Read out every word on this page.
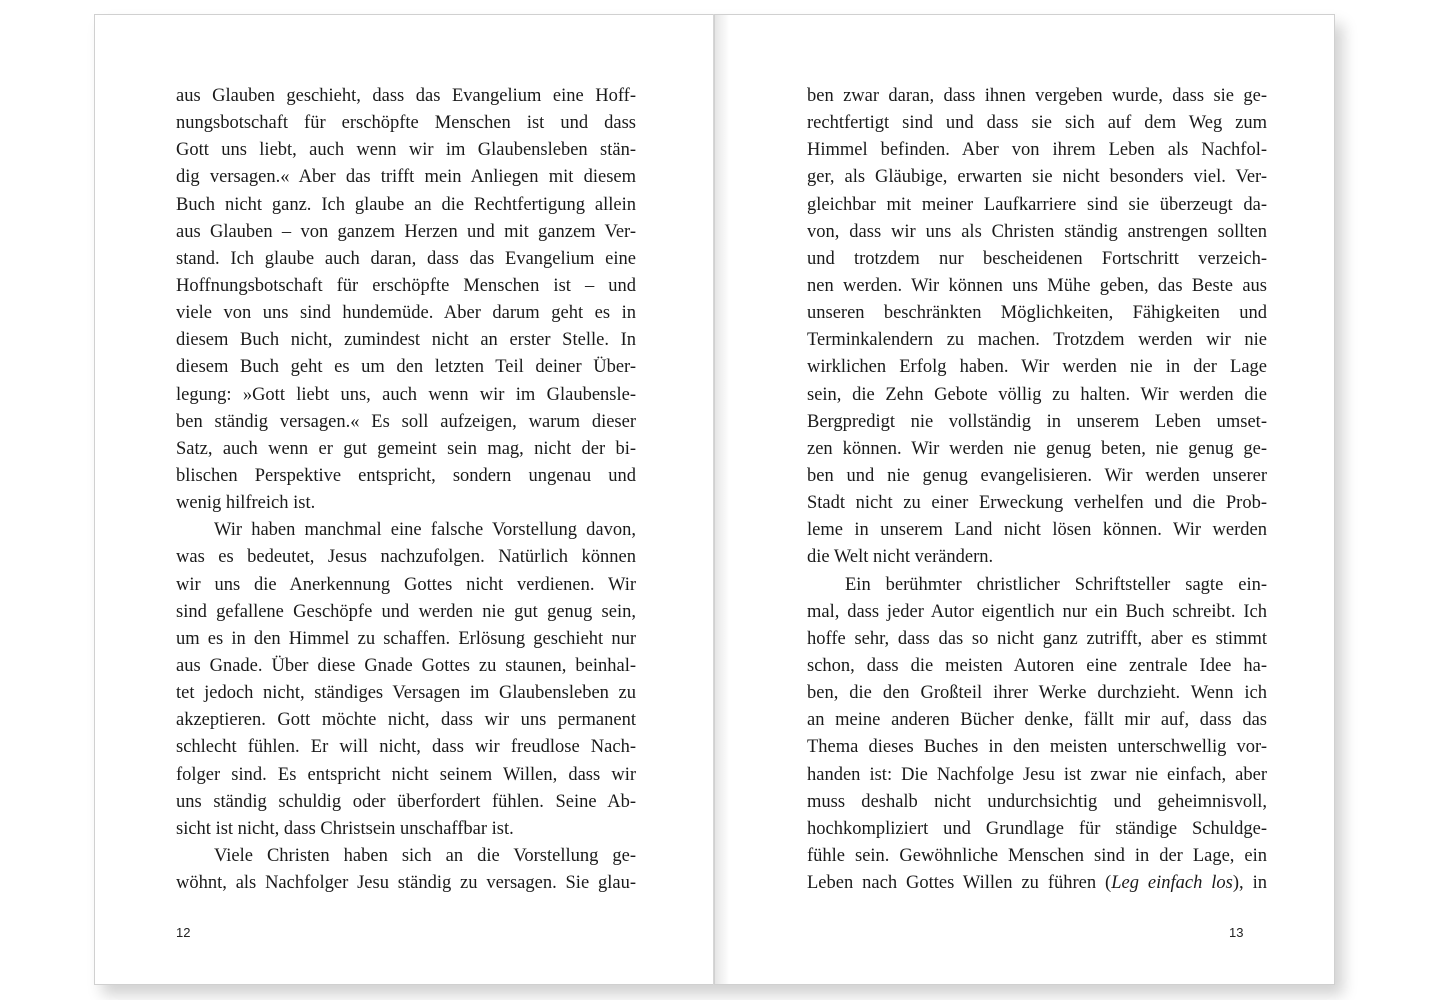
aus Glauben geschieht, dass das Evangelium eine Hoff-
nungsbotschaft für erschöpfte Menschen ist und dass
Gott uns liebt, auch wenn wir im Glaubensleben stän-
dig versagen.« Aber das trifft mein Anliegen mit diesem
Buch nicht ganz. Ich glaube an die Rechtfertigung allein
aus Glauben – von ganzem Herzen und mit ganzem Ver-
stand. Ich glaube auch daran, dass das Evangelium eine
Hoffnungsbotschaft für erschöpfte Menschen ist – und
viele von uns sind hundemüde. Aber darum geht es in
diesem Buch nicht, zumindest nicht an erster Stelle. In
diesem Buch geht es um den letzten Teil deiner Über-
legung: »Gott liebt uns, auch wenn wir im Glaubensle-
ben ständig versagen.« Es soll aufzeigen, warum dieser
Satz, auch wenn er gut gemeint sein mag, nicht der bi-
blischen Perspektive entspricht, sondern ungenau und
wenig hilfreich ist.
Wir haben manchmal eine falsche Vorstellung davon,
was es bedeutet, Jesus nachzufolgen. Natürlich können
wir uns die Anerkennung Gottes nicht verdienen. Wir
sind gefallene Geschöpfe und werden nie gut genug sein,
um es in den Himmel zu schaffen. Erlösung geschieht nur
aus Gnade. Über diese Gnade Gottes zu staunen, beinhal-
tet jedoch nicht, ständiges Versagen im Glaubensleben zu
akzeptieren. Gott möchte nicht, dass wir uns permanent
schlecht fühlen. Er will nicht, dass wir freudlose Nach-
folger sind. Es entspricht nicht seinem Willen, dass wir
uns ständig schuldig oder überfordert fühlen. Seine Ab-
sicht ist nicht, dass Christsein unschaffbar ist.
Viele Christen haben sich an die Vorstellung ge-
wöhnt, als Nachfolger Jesu ständig zu versagen. Sie glau-
12
ben zwar daran, dass ihnen vergeben wurde, dass sie ge-
rechtfertigt sind und dass sie sich auf dem Weg zum
Himmel befinden. Aber von ihrem Leben als Nachfol-
ger, als Gläubige, erwarten sie nicht besonders viel. Ver-
gleichbar mit meiner Laufkarriere sind sie überzeugt da-
von, dass wir uns als Christen ständig anstrengen sollten
und trotzdem nur bescheidenen Fortschritt verzeich-
nen werden. Wir können uns Mühe geben, das Beste aus
unseren beschränkten Möglichkeiten, Fähigkeiten und
Terminkalendern zu machen. Trotzdem werden wir nie
wirklichen Erfolg haben. Wir werden nie in der Lage
sein, die Zehn Gebote völlig zu halten. Wir werden die
Bergpredigt nie vollständig in unserem Leben umset-
zen können. Wir werden nie genug beten, nie genug ge-
ben und nie genug evangelisieren. Wir werden unserer
Stadt nicht zu einer Erweckung verhelfen und die Prob-
leme in unserem Land nicht lösen können. Wir werden
die Welt nicht verändern.
Ein berühmter christlicher Schriftsteller sagte ein-
mal, dass jeder Autor eigentlich nur ein Buch schreibt. Ich
hoffe sehr, dass das so nicht ganz zutrifft, aber es stimmt
schon, dass die meisten Autoren eine zentrale Idee ha-
ben, die den Großteil ihrer Werke durchzieht. Wenn ich
an meine anderen Bücher denke, fällt mir auf, dass das
Thema dieses Buches in den meisten unterschwellig vor-
handen ist: Die Nachfolge Jesu ist zwar nie einfach, aber
muss deshalb nicht undurchsichtig und geheimnisvoll,
hochkompliziert und Grundlage für ständige Schuldge-
fühle sein. Gewöhnliche Menschen sind in der Lage, ein
Leben nach Gottes Willen zu führen (Leg einfach los), in
13
